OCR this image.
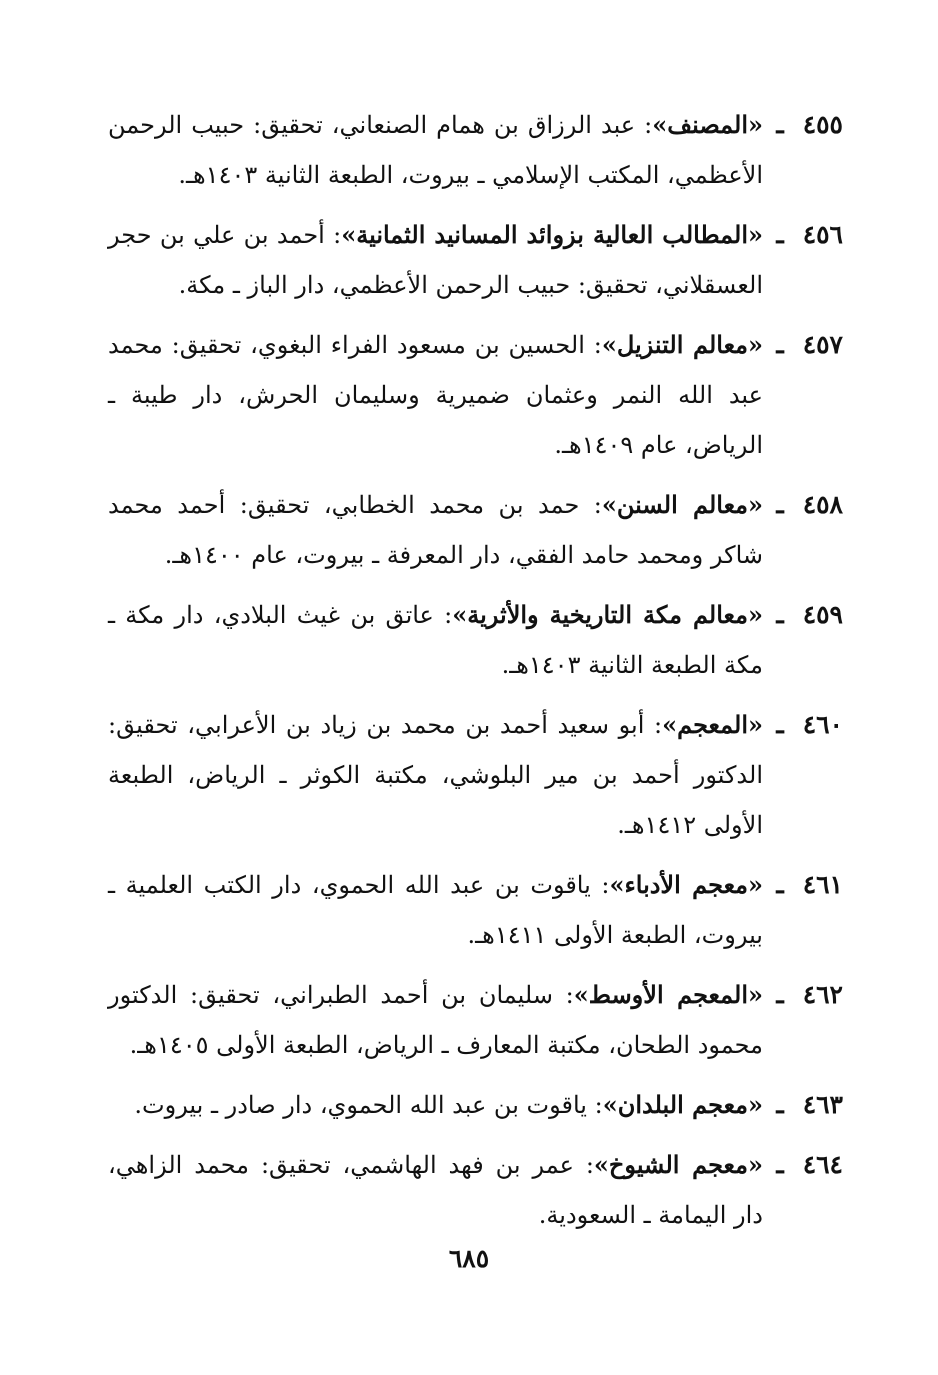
٤٥٥
ـ
«المصنف»: عبد الرزاق بن همام الصنعاني، تحقيق: حبيب الرحمن الأعظمي، المكتب الإسلامي ـ بيروت، الطبعة الثانية ١٤٠٣هـ.
٤٥٦
ـ
«المطالب العالية بزوائد المسانيد الثمانية»: أحمد بن علي بن حجر العسقلاني، تحقيق: حبيب الرحمن الأعظمي، دار الباز ـ مكة.
٤٥٧
ـ
«معالم التنزيل»: الحسين بن مسعود الفراء البغوي، تحقيق: محمد عبد الله النمر وعثمان ضميرية وسليمان الحرش، دار طيبة ـ الرياض، عام ١٤٠٩هـ.
٤٥٨
ـ
«معالم السنن»: حمد بن محمد الخطابي، تحقيق: أحمد محمد شاكر ومحمد حامد الفقي، دار المعرفة ـ بيروت، عام ١٤٠٠هـ.
٤٥٩
ـ
«معالم مكة التاريخية والأثرية»: عاتق بن غيث البلادي، دار مكة ـ مكة الطبعة الثانية ١٤٠٣هـ.
٤٦٠
ـ
«المعجم»: أبو سعيد أحمد بن محمد بن زياد بن الأعرابي، تحقيق: الدكتور أحمد بن مير البلوشي، مكتبة الكوثر ـ الرياض، الطبعة الأولى ١٤١٢هـ.
٤٦١
ـ
«معجم الأدباء»: ياقوت بن عبد الله الحموي، دار الكتب العلمية ـ بيروت، الطبعة الأولى ١٤١١هـ.
٤٦٢
ـ
«المعجم الأوسط»: سليمان بن أحمد الطبراني، تحقيق: الدكتور محمود الطحان، مكتبة المعارف ـ الرياض، الطبعة الأولى ١٤٠٥هـ.
٤٦٣
ـ
«معجم البلدان»: ياقوت بن عبد الله الحموي، دار صادر ـ بيروت.
٤٦٤
ـ
«معجم الشيوخ»: عمر بن فهد الهاشمي، تحقيق: محمد الزاهي، دار اليمامة ـ السعودية.
٦٨٥
